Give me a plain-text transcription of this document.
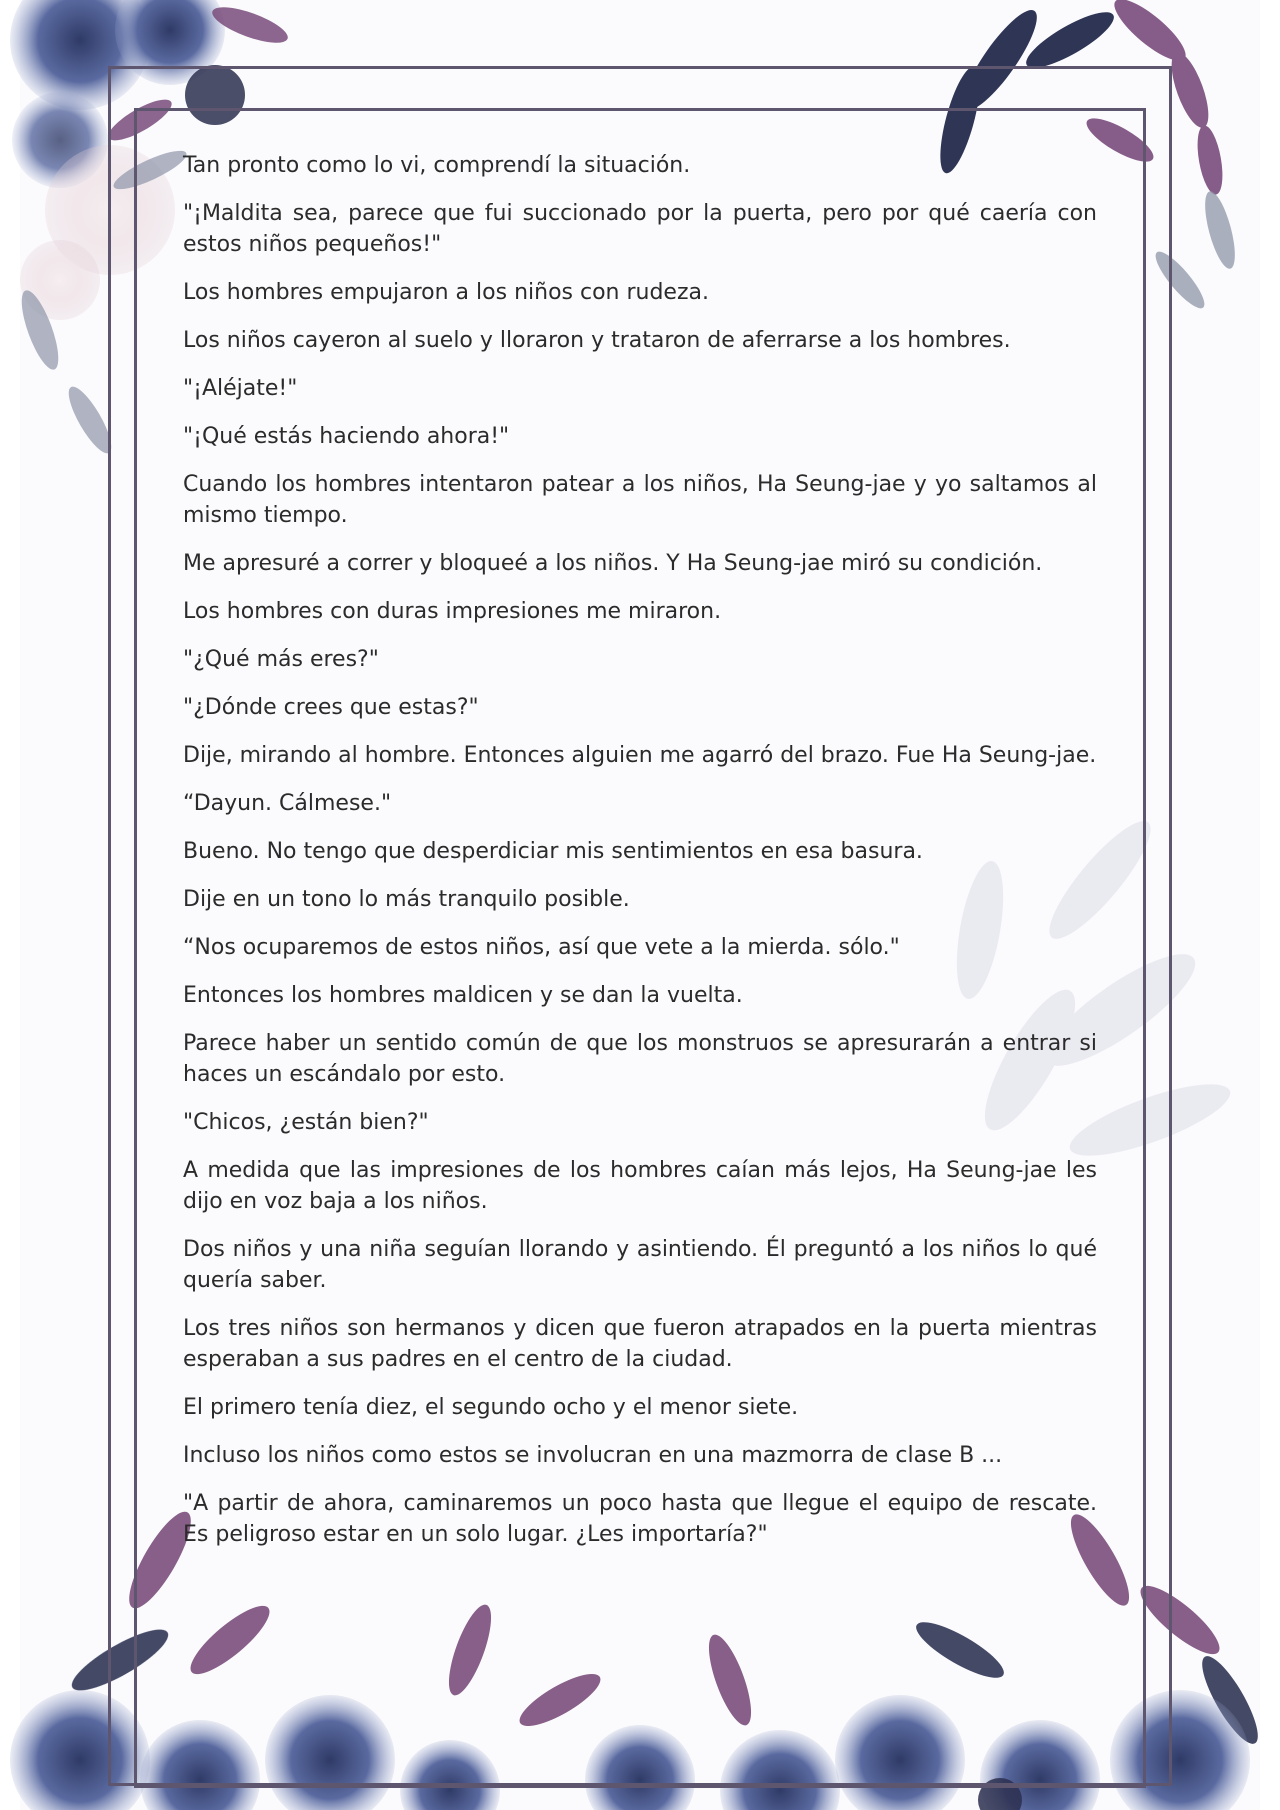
Tan pronto como lo vi, comprendí la situación.

"¡Maldita sea, parece que fui succionado por la puerta, pero por qué caería con estos niños pequeños!"

Los hombres empujaron a los niños con rudeza.

Los niños cayeron al suelo y lloraron y trataron de aferrarse a los hombres.

"¡Aléjate!"

"¡Qué estás haciendo ahora!"

Cuando los hombres intentaron patear a los niños, Ha Seung-jae y yo saltamos al mismo tiempo.

Me apresuré a correr y bloqueé a los niños. Y Ha Seung-jae miró su condición.

Los hombres con duras impresiones me miraron.

"¿Qué más eres?"

"¿Dónde crees que estas?"

Dije, mirando al hombre. Entonces alguien me agarró del brazo. Fue Ha Seung-jae.

“Dayun. Cálmese."

Bueno. No tengo que desperdiciar mis sentimientos en esa basura.

Dije en un tono lo más tranquilo posible.

“Nos ocuparemos de estos niños, así que vete a la mierda. sólo."

Entonces los hombres maldicen y se dan la vuelta.

Parece haber un sentido común de que los monstruos se apresurarán a entrar si haces un escándalo por esto.

"Chicos, ¿están bien?"

A medida que las impresiones de los hombres caían más lejos, Ha Seung-jae les dijo en voz baja a los niños.

Dos niños y una niña seguían llorando y asintiendo. Él preguntó a los niños lo qué quería saber.

Los tres niños son hermanos y dicen que fueron atrapados en la puerta mientras esperaban a sus padres en el centro de la ciudad.

El primero tenía diez, el segundo ocho y el menor siete.

Incluso los niños como estos se involucran en una mazmorra de clase B ...

"A partir de ahora, caminaremos un poco hasta que llegue el equipo de rescate. Es peligroso estar en un solo lugar. ¿Les importaría?"
